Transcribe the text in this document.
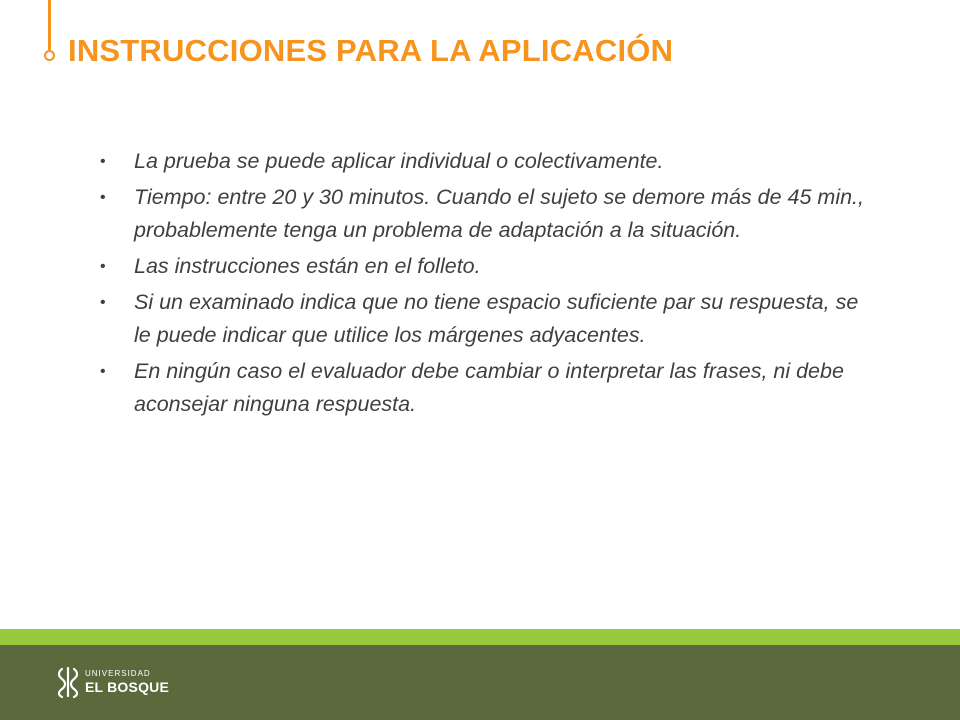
INSTRUCCIONES PARA LA APLICACIÓN
• La prueba se puede aplicar individual o colectivamente.
• Tiempo: entre 20 y 30 minutos. Cuando el sujeto se demore más de 45 min., probablemente tenga un problema de adaptación a la situación.
• Las instrucciones están en el folleto.
• Si un examinado indica que no tiene espacio suficiente par su respuesta, se le puede indicar que utilice los márgenes adyacentes.
• En ningún caso el evaluador debe cambiar o interpretar las frases, ni debe aconsejar ninguna respuesta.
UNIVERSIDAD
EL BOSQUE
